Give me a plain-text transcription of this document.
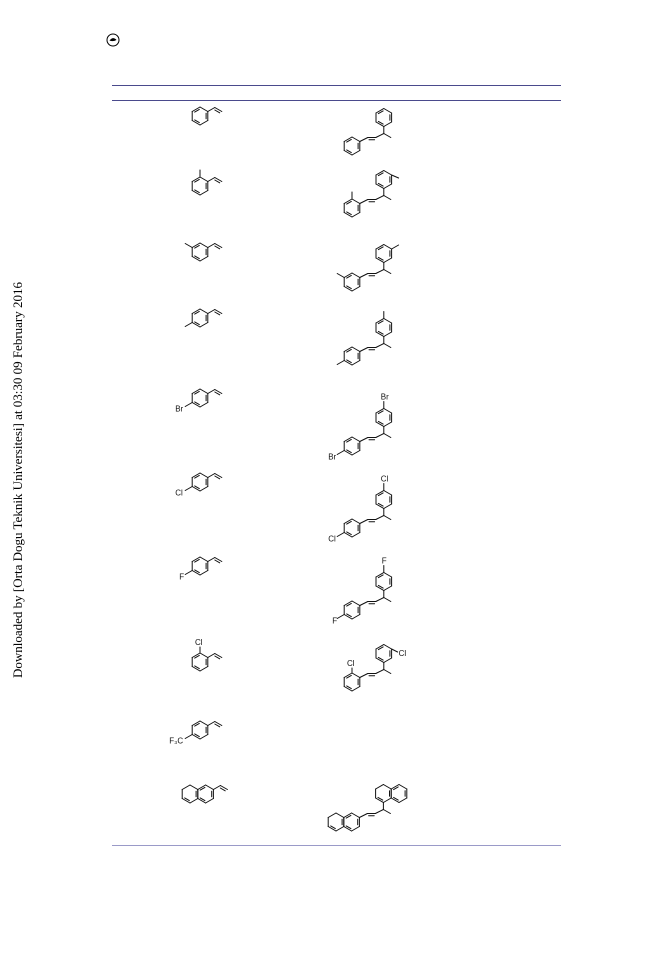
Downloaded by [Orta Dogu Teknik Universitesi] at 03:30 09 February 2016	Br
Br
Br
Cl
Cl
Cl
F
F
F
Cl
Cl
Cl
F₃C
